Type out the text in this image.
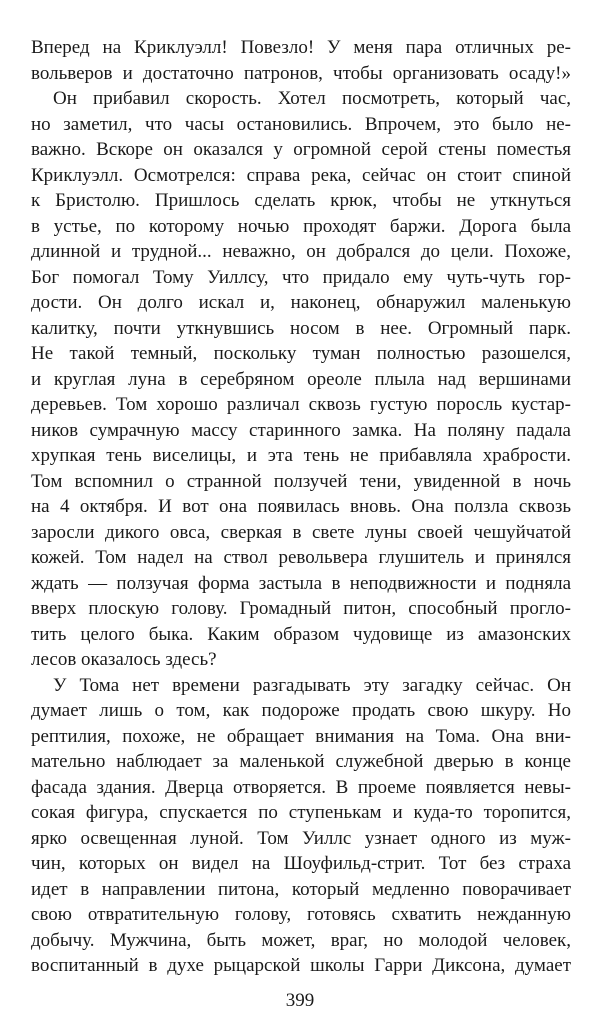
Вперед на Криклуэлл! Повезло! У меня пара отличных ре-
вольверов и достаточно патронов, чтобы организовать осаду!»
Он прибавил скорость. Хотел посмотреть, который час,
но заметил, что часы остановились. Впрочем, это было не-
важно. Вскоре он оказался у огромной серой стены поместья
Криклуэлл. Осмотрелся: справа река, сейчас он стоит спиной
к Бристолю. Пришлось сделать крюк, чтобы не уткнуться
в устье, по которому ночью проходят баржи. Дорога была
длинной и трудной... неважно, он добрался до цели. Похоже,
Бог помогал Тому Уиллсу, что придало ему чуть-чуть гор-
дости. Он долго искал и, наконец, обнаружил маленькую
калитку, почти уткнувшись носом в нее. Огромный парк.
Не такой темный, поскольку туман полностью разошелся,
и круглая луна в серебряном ореоле плыла над вершинами
деревьев. Том хорошо различал сквозь густую поросль кустар-
ников сумрачную массу старинного замка. На поляну падала
хрупкая тень виселицы, и эта тень не прибавляла храбрости.
Том вспомнил о странной ползучей тени, увиденной в ночь
на 4 октября. И вот она появилась вновь. Она ползла сквозь
заросли дикого овса, сверкая в свете луны своей чешуйчатой
кожей. Том надел на ствол револьвера глушитель и принялся
ждать — ползучая форма застыла в неподвижности и подняла
вверх плоскую голову. Громадный питон, способный прогло-
тить целого быка. Каким образом чудовище из амазонских
лесов оказалось здесь?
У Тома нет времени разгадывать эту загадку сейчас. Он
думает лишь о том, как подороже продать свою шкуру. Но
рептилия, похоже, не обращает внимания на Тома. Она вни-
мательно наблюдает за маленькой служебной дверью в конце
фасада здания. Дверца отворяется. В проеме появляется невы-
сокая фигура, спускается по ступенькам и куда-то торопится,
ярко освещенная луной. Том Уиллс узнает одного из муж-
чин, которых он видел на Шоуфильд-стрит. Тот без страха
идет в направлении питона, который медленно поворачивает
свою отвратительную голову, готовясь схватить нежданную
добычу. Мужчина, быть может, враг, но молодой человек,
воспитанный в духе рыцарской школы Гарри Диксона, думает
399
